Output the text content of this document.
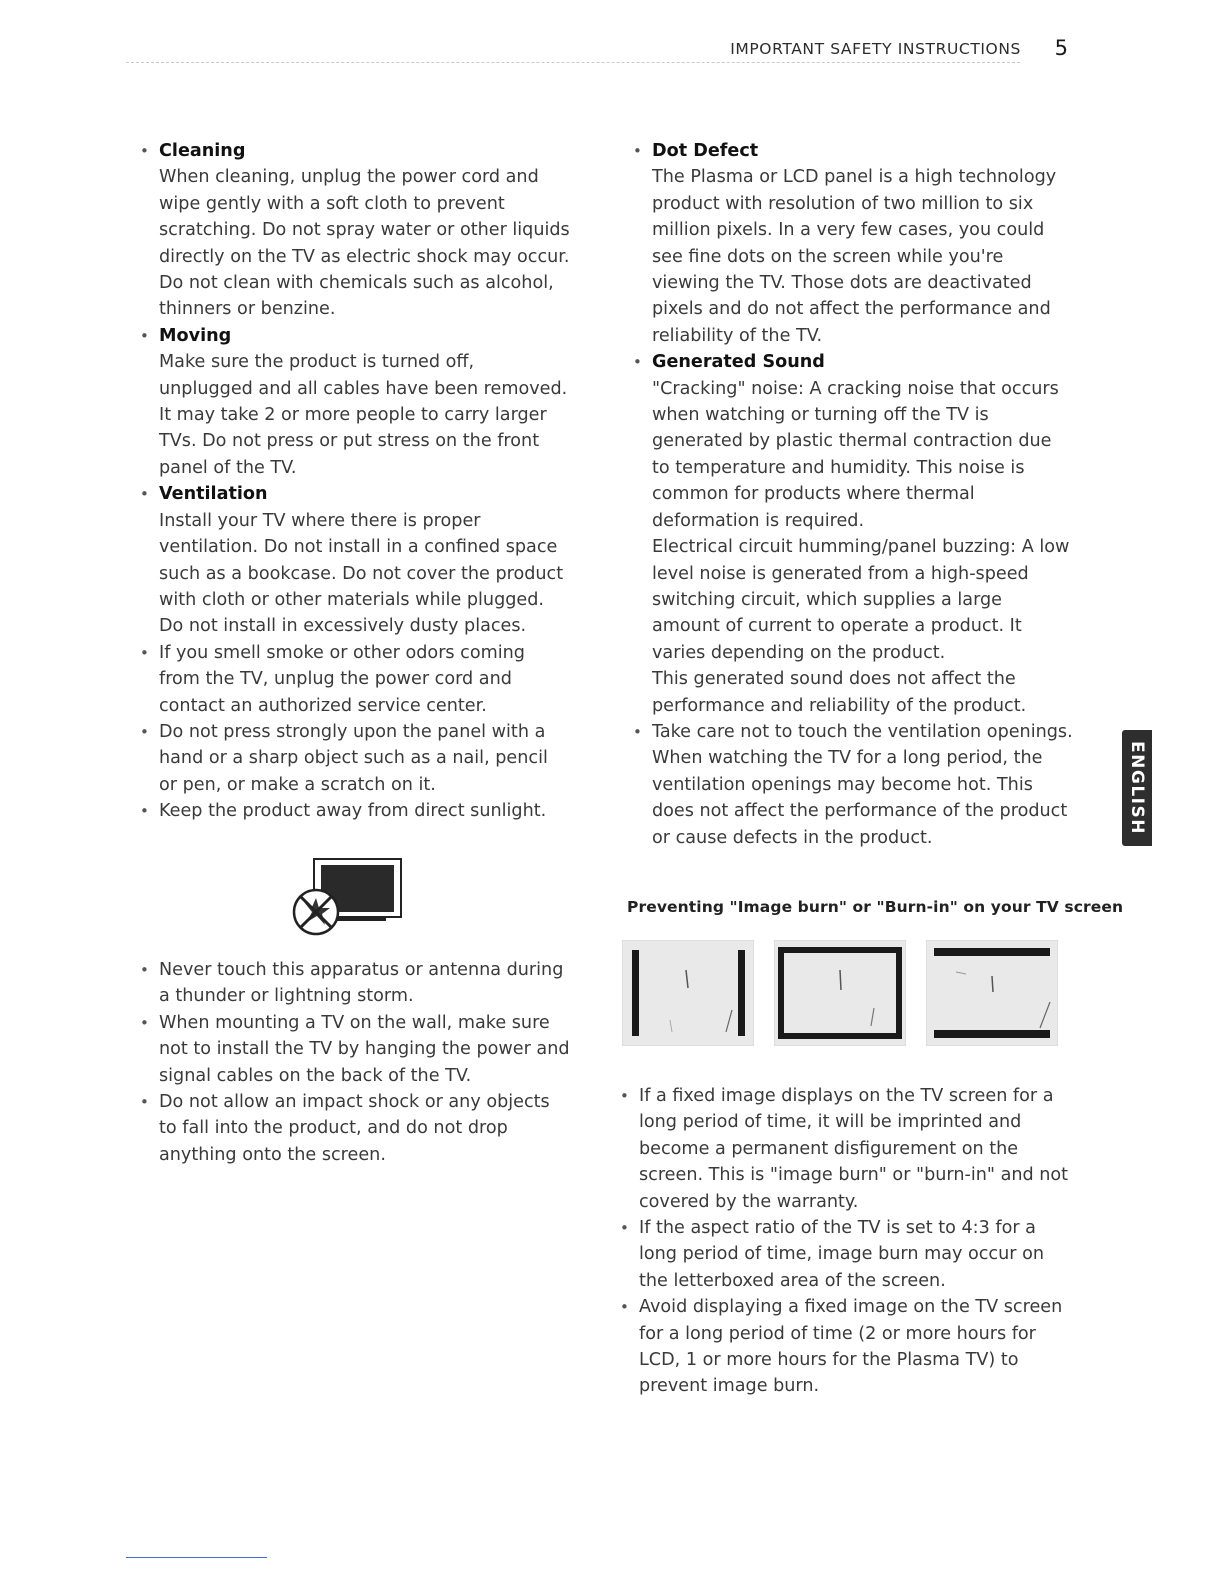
IMPORTANT SAFETY INSTRUCTIONS 5
• Cleaning
When cleaning, unplug the power cord and wipe gently with a soft cloth to prevent scratching. Do not spray water or other liquids directly on the TV as electric shock may occur. Do not clean with chemicals such as alcohol, thinners or benzine.
• Moving
Make sure the product is turned off, unplugged and all cables have been removed. It may take 2 or more people to carry larger TVs. Do not press or put stress on the front panel of the TV.
• Ventilation
Install your TV where there is proper ventilation. Do not install in a confined space such as a bookcase. Do not cover the product with cloth or other materials while plugged. Do not install in excessively dusty places.
• If you smell smoke or other odors coming from the TV, unplug the power cord and contact an authorized service center.
• Do not press strongly upon the panel with a hand or a sharp object such as a nail, pencil or pen, or make a scratch on it.
• Keep the product away from direct sunlight.
• Never touch this apparatus or antenna during a thunder or lightning storm.
• When mounting a TV on the wall, make sure not to install the TV by hanging the power and signal cables on the back of the TV.
• Do not allow an impact shock or any objects to fall into the product, and do not drop anything onto the screen.
• Dot Defect
The Plasma or LCD panel is a high technology product with resolution of two million to six million pixels. In a very few cases, you could see fine dots on the screen while you're viewing the TV. Those dots are deactivated pixels and do not affect the performance and reliability of the TV.
• Generated Sound
"Cracking" noise: A cracking noise that occurs when watching or turning off the TV is generated by plastic thermal contraction due to temperature and humidity. This noise is common for products where thermal deformation is required.
Electrical circuit humming/panel buzzing: A low level noise is generated from a high-speed switching circuit, which supplies a large amount of current to operate a product. It varies depending on the product.
This generated sound does not affect the performance and reliability of the product.
• Take care not to touch the ventilation openings. When watching the TV for a long period, the ventilation openings may become hot. This does not affect the performance of the product or cause defects in the product.
Preventing "Image burn" or "Burn-in" on your TV screen
• If a fixed image displays on the TV screen for a long period of time, it will be imprinted and become a permanent disfigurement on the screen. This is "image burn" or "burn-in" and not covered by the warranty.
• If the aspect ratio of the TV is set to 4:3 for a long period of time, image burn may occur on the letterboxed area of the screen.
• Avoid displaying a fixed image on the TV screen for a long period of time (2 or more hours for LCD, 1 or more hours for the Plasma TV) to prevent image burn.
ENGLISH
